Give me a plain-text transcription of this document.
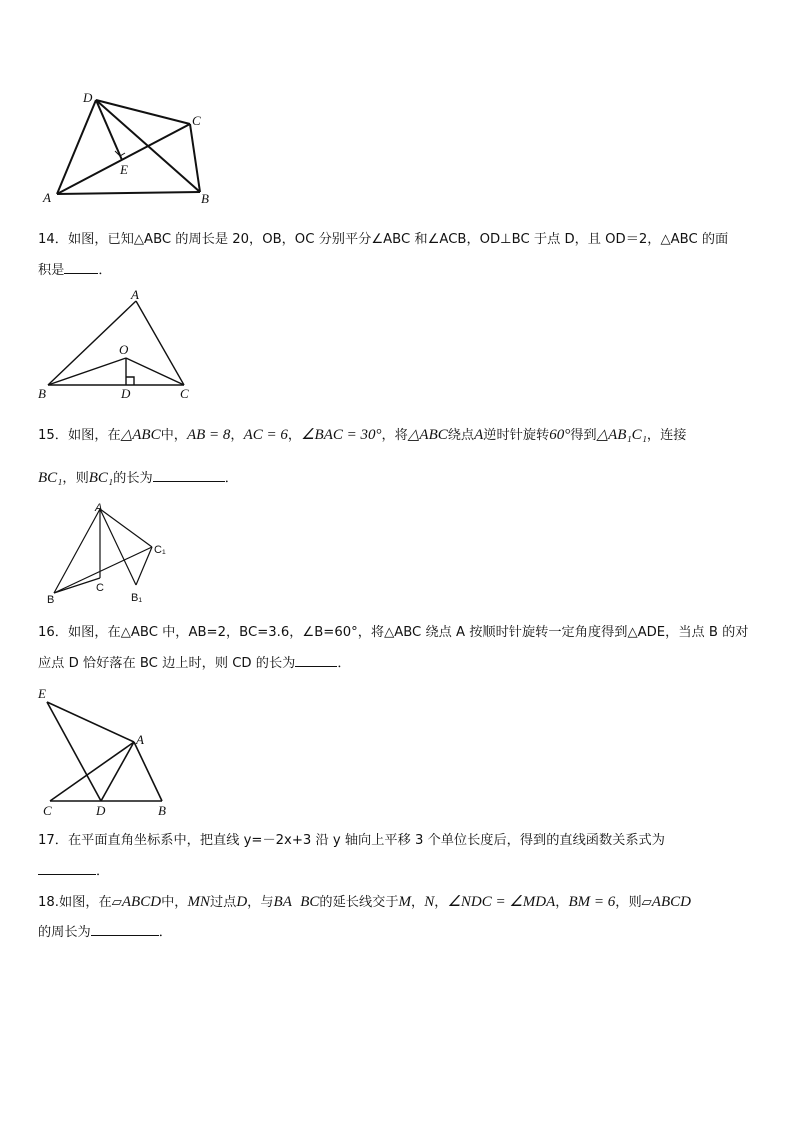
D
C
E
A	B
14．如图，已知△ABC 的周长是 20，OB，OC 分别平分∠ABC 和∠ACB，OD⊥BC 于点 D，且 OD＝2，△ABC 的面
积是	．
A
O
B	D	C
15．如图，在△ABC中，AB = 8，AC = 6，∠BAC = 30°，将△ABC绕点A逆时针旋转60°得到△AB₁C₁，连接
BC₁，则BC₁的长为	．
A
C₁
C
B	B₁
16．如图，在△ABC 中，AB=2，BC=3.6，∠B=60°，将△ABC 绕点 A 按顺时针旋转一定角度得到△ADE，当点 B 的对
应点 D 恰好落在 BC 边上时，则 CD 的长为	．
E
A
C	D	B
17．在平面直角坐标系中，把直线 y=－2x+3 沿 y 轴向上平移 3 个单位长度后，得到的直线函数关系式为
．
18.如图，在▱ABCD中，MN过点D，与BA BC的延长线交于M，N，∠NDC = ∠MDA，BM = 6，则▱ABCD
的周长为	．
